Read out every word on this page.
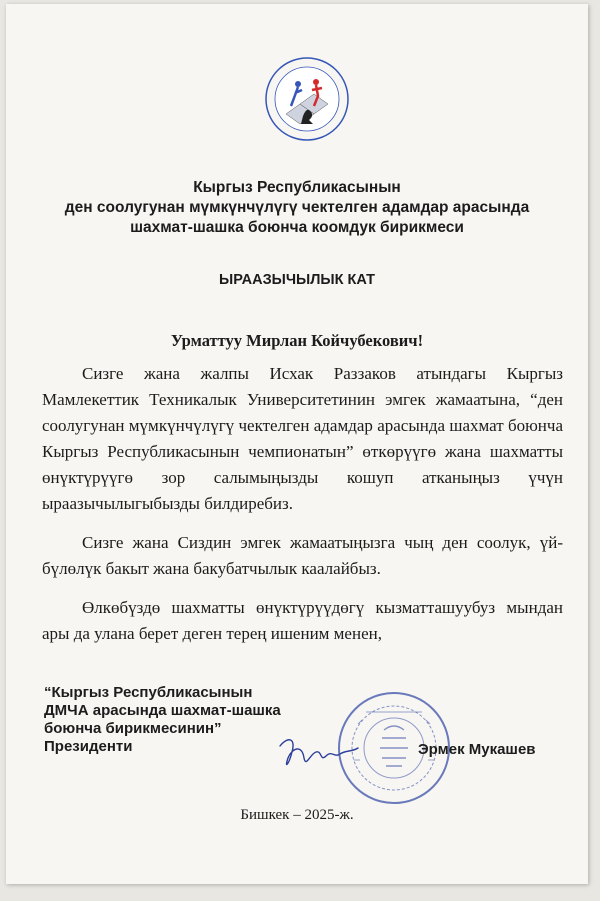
Кыргыз Республикасынын
ден соолугунан мүмкүнчүлүгү чектелген адамдар арасында
шахмат-шашка боюнча коомдук бирикмеси
ЫРААЗЫЧЫЛЫК КАТ
Урматтуу Мирлан Койчубекович!

Сизге жана жалпы Исхак Раззаков атындагы Кыргыз Мамлекеттик Техникалык Университетинин эмгек жамаатына, “ден соолугунан мүмкүнчүлүгү чектелген адамдар арасында шахмат боюнча Кыргыз Республикасынын чемпионатын” өткөрүүгө жана шахматты өнүктүрүүгө зор салымыңызды кошуп атканыңыз үчүн ыраазычылыгыбызды билдиребиз.

Сизге жана Сиздин эмгек жамаатыңызга чың ден соолук, үй-бүлөлүк бакыт жана бакубатчылык каалайбыз.

Өлкөбүздө шахматты өнүктүрүүдөгү кызматташуубуз мындан ары да улана берет деген терең ишеним менен,

“Кыргыз Республикасынын
ДМЧА арасында шахмат-шашка
боюнча бирикмесинин”
Президенти	Эрмек Мукашев
Бишкек – 2025-ж.
